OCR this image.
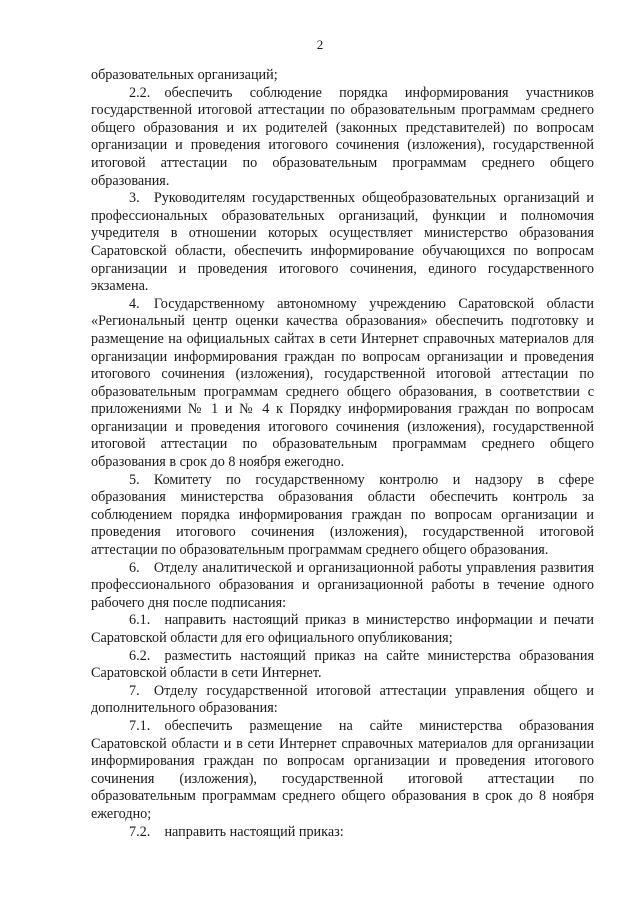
2

образовательных организаций;

2.2. обеспечить соблюдение порядка информирования участников государственной итоговой аттестации по образовательным программам среднего общего образования и их родителей (законных представителей) по вопросам организации и проведения итогового сочинения (изложения), государственной итоговой аттестации по образовательным программам среднего общего образования.

3. Руководителям государственных общеобразовательных организаций и профессиональных образовательных организаций, функции и полномочия учредителя в отношении которых осуществляет министерство образования Саратовской области, обеспечить информирование обучающихся по вопросам организации и проведения итогового сочинения, единого государственного экзамена.

4. Государственному автономному учреждению Саратовской области «Региональный центр оценки качества образования» обеспечить подготовку и размещение на официальных сайтах в сети Интернет справочных материалов для организации информирования граждан по вопросам организации и проведения итогового сочинения (изложения), государственной итоговой аттестации по образовательным программам среднего общего образования, в соответствии с приложениями № 1 и № 4 к Порядку информирования граждан по вопросам организации и проведения итогового сочинения (изложения), государственной итоговой аттестации по образовательным программам среднего общего образования в срок до 8 ноября ежегодно.

5. Комитету по государственному контролю и надзору в сфере образования министерства образования области обеспечить контроль за соблюдением порядка информирования граждан по вопросам организации и проведения итогового сочинения (изложения), государственной итоговой аттестации по образовательным программам среднего общего образования.

6. Отделу аналитической и организационной работы управления развития профессионального образования и организационной работы в течение одного рабочего дня после подписания:

6.1. направить настоящий приказ в министерство информации и печати Саратовской области для его официального опубликования;

6.2. разместить настоящий приказ на сайте министерства образования Саратовской области в сети Интернет.

7. Отделу государственной итоговой аттестации управления общего и дополнительного образования:

7.1. обеспечить размещение на сайте министерства образования Саратовской области и в сети Интернет справочных материалов для организации информирования граждан по вопросам организации и проведения итогового сочинения (изложения), государственной итоговой аттестации по образовательным программам среднего общего образования в срок до 8 ноября ежегодно;

7.2. направить настоящий приказ:
